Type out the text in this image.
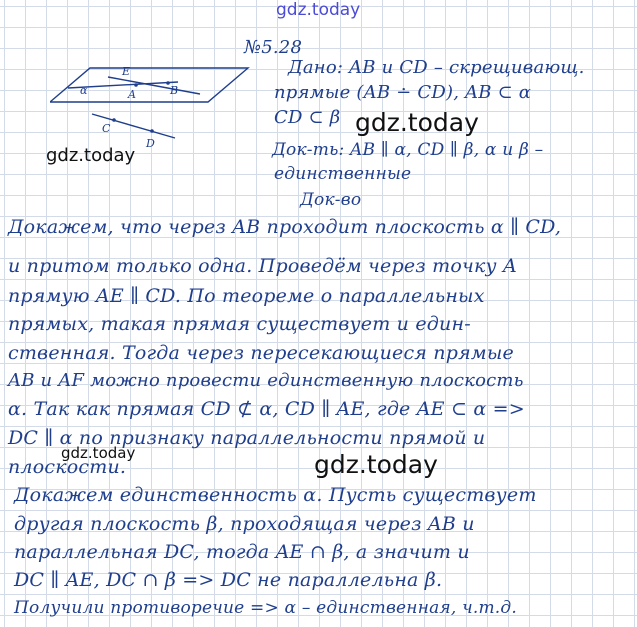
gdz.today
E
α	A	B
C
D

№5.28

Дано: AB и CD – скрещивающ.

прямые (AB ∸ CD), AB ⊂ α

CD ⊂ β

Док-ть: AB ∥ α, CD ∥ β, α и β –

единственные

Док-во

gdz.today
gdz.today

Докажем, что через AB проходит плоскость α ∥ CD,

и притом только одна. Проведём через точку A

прямую AE ∥ CD. По теореме о параллельных

прямых, такая прямая существует и един-

ственная. Тогда через пересекающиеся прямые

AB и AF можно провести единственную плоскость

α. Так как прямая CD ⊄ α, CD ∥ AE, где AE ⊂ α =>

DC ∥ α по признаку параллельности прямой и

плоскости.

Докажем единственность α. Пусть существует

другая плоскость β, проходящая через AB и

параллельная DC, тогда AE ∩ β, а значит и

DC ∥ AE, DC ∩ β => DC не параллельна β.

Получили противоречие => α – единственная, ч.т.д.

gdz.today	gdz.today
